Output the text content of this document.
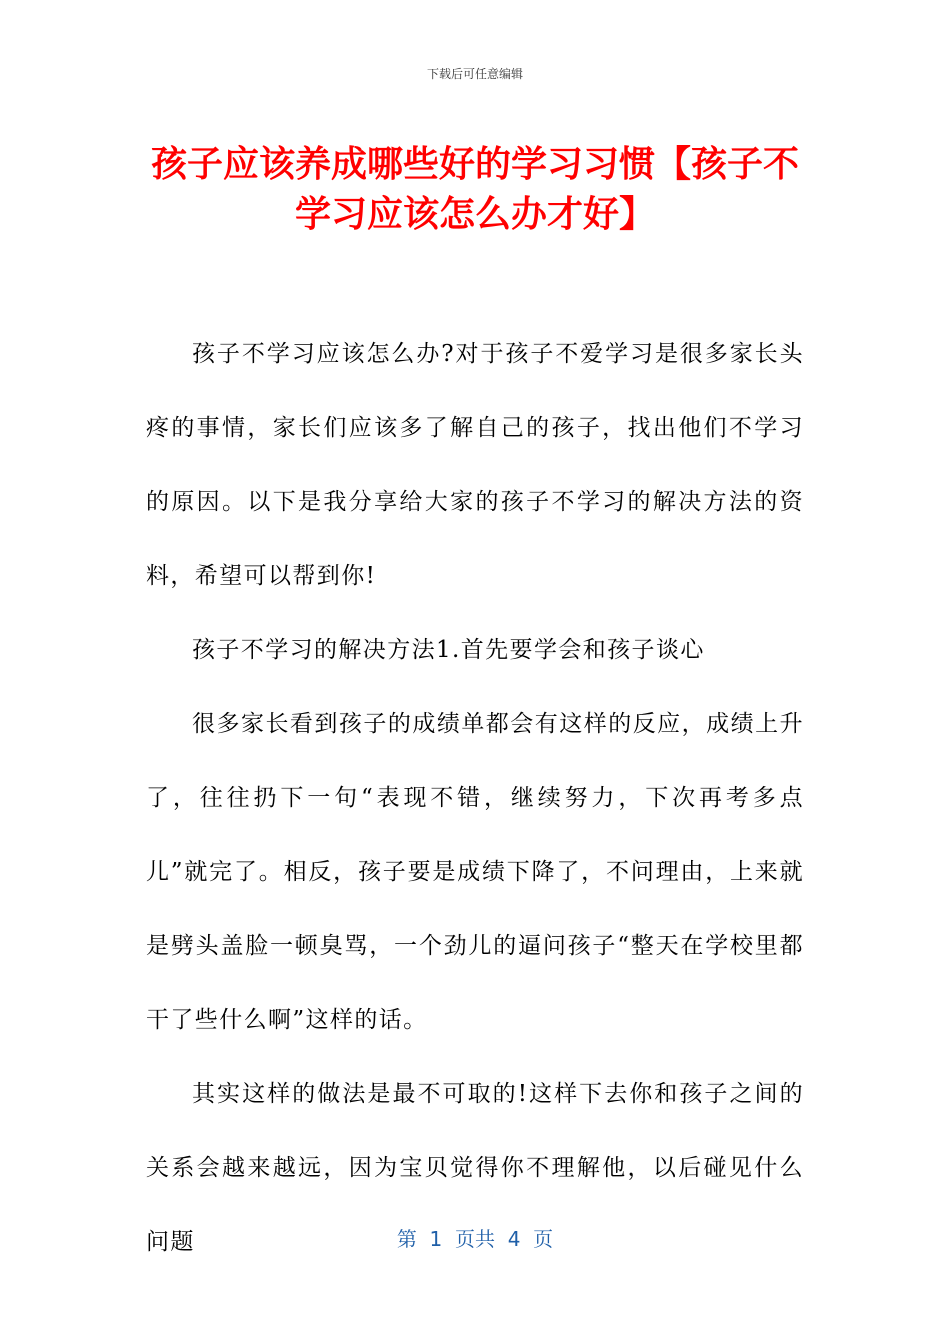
下载后可任意编辑
孩子应该养成哪些好的学习习惯【孩子不学习应该怎么办才好】

孩子不学习应该怎么办?对于孩子不爱学习是很多家长头疼的事情，家长们应该多了解自己的孩子，找出他们不学习的原因。以下是我分享给大家的孩子不学习的解决方法的资料，希望可以帮到你!

孩子不学习的解决方法1.首先要学会和孩子谈心

很多家长看到孩子的成绩单都会有这样的反应，成绩上升了，往往扔下一句“表现不错，继续努力，下次再考多点儿”就完了。相反，孩子要是成绩下降了，不问理由，上来就是劈头盖脸一顿臭骂，一个劲儿的逼问孩子“整天在学校里都干了些什么啊”这样的话。

其实这样的做法是最不可取的!这样下去你和孩子之间的关系会越来越远，因为宝贝觉得你不理解他，以后碰见什么问题	第  1  页共  4  页
